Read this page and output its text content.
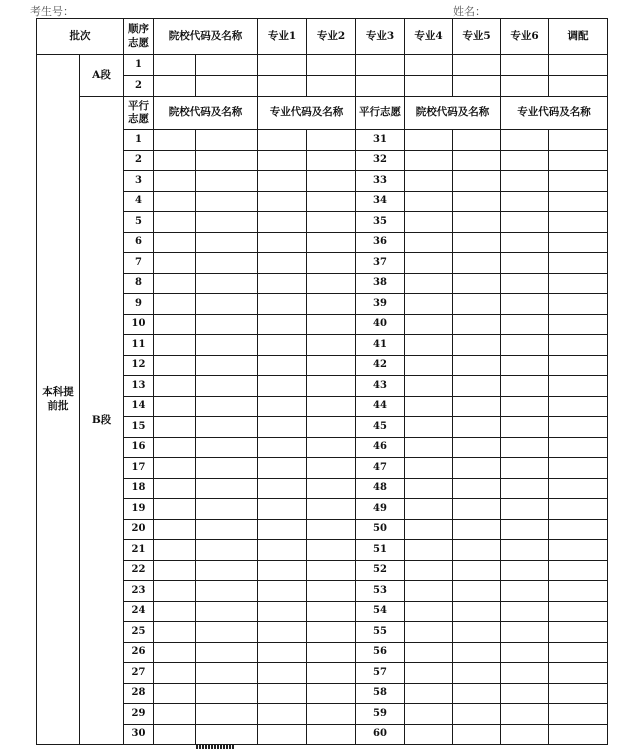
考生号：	姓名：
批次		顺序志愿	院校代码及名称		专业1	专业2	专业3	专业4	专业5	专业6	调配
本科提前批	A段	1									
		2									
	B段	平行志愿	院校代码及名称		专业代码及名称		平行志愿	院校代码及名称		专业代码及名称	
		1					31				
		2					32				
		3					33				
		4					34				
		5					35				
		6					36				
		7					37				
		8					38				
		9					39				
		10					40				
		11					41				
		12					42				
		13					43				
		14					44				
		15					45				
		16					46				
		17					47				
		18					48				
		19					49				
		20					50				
		21					51				
		22					52				
		23					53				
		24					54				
		25					55				
		26					56				
		27					57				
		28					58				
		29					59				
		30					60				
